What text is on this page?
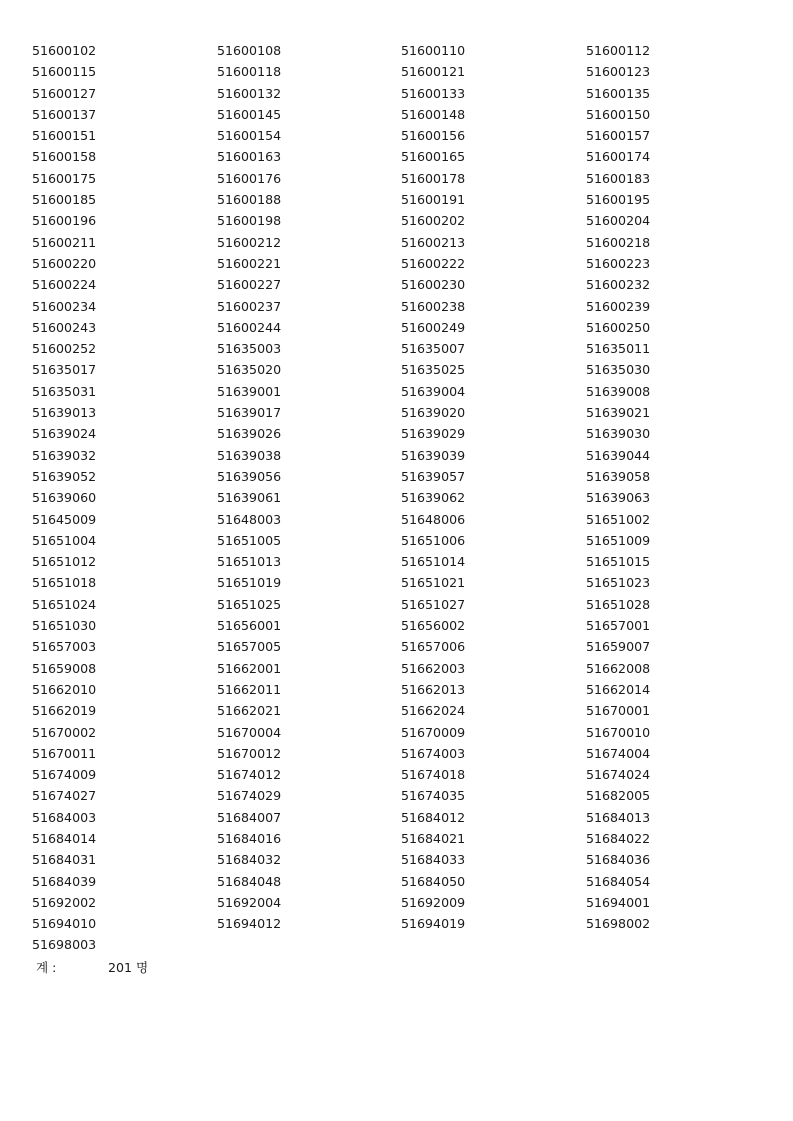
51600102	51600108	51600110	51600112
51600115	51600118	51600121	51600123
51600127	51600132	51600133	51600135
51600137	51600145	51600148	51600150
51600151	51600154	51600156	51600157
51600158	51600163	51600165	51600174
51600175	51600176	51600178	51600183
51600185	51600188	51600191	51600195
51600196	51600198	51600202	51600204
51600211	51600212	51600213	51600218
51600220	51600221	51600222	51600223
51600224	51600227	51600230	51600232
51600234	51600237	51600238	51600239
51600243	51600244	51600249	51600250
51600252	51635003	51635007	51635011
51635017	51635020	51635025	51635030
51635031	51639001	51639004	51639008
51639013	51639017	51639020	51639021
51639024	51639026	51639029	51639030
51639032	51639038	51639039	51639044
51639052	51639056	51639057	51639058
51639060	51639061	51639062	51639063
51645009	51648003	51648006	51651002
51651004	51651005	51651006	51651009
51651012	51651013	51651014	51651015
51651018	51651019	51651021	51651023
51651024	51651025	51651027	51651028
51651030	51656001	51656002	51657001
51657003	51657005	51657006	51659007
51659008	51662001	51662003	51662008
51662010	51662011	51662013	51662014
51662019	51662021	51662024	51670001
51670002	51670004	51670009	51670010
51670011	51670012	51674003	51674004
51674009	51674012	51674018	51674024
51674027	51674029	51674035	51682005
51684003	51684007	51684012	51684013
51684014	51684016	51684021	51684022
51684031	51684032	51684033	51684036
51684039	51684048	51684050	51684054
51692002	51692004	51692009	51694001
51694010	51694012	51694019	51698002
51698003
계 :	201 명
